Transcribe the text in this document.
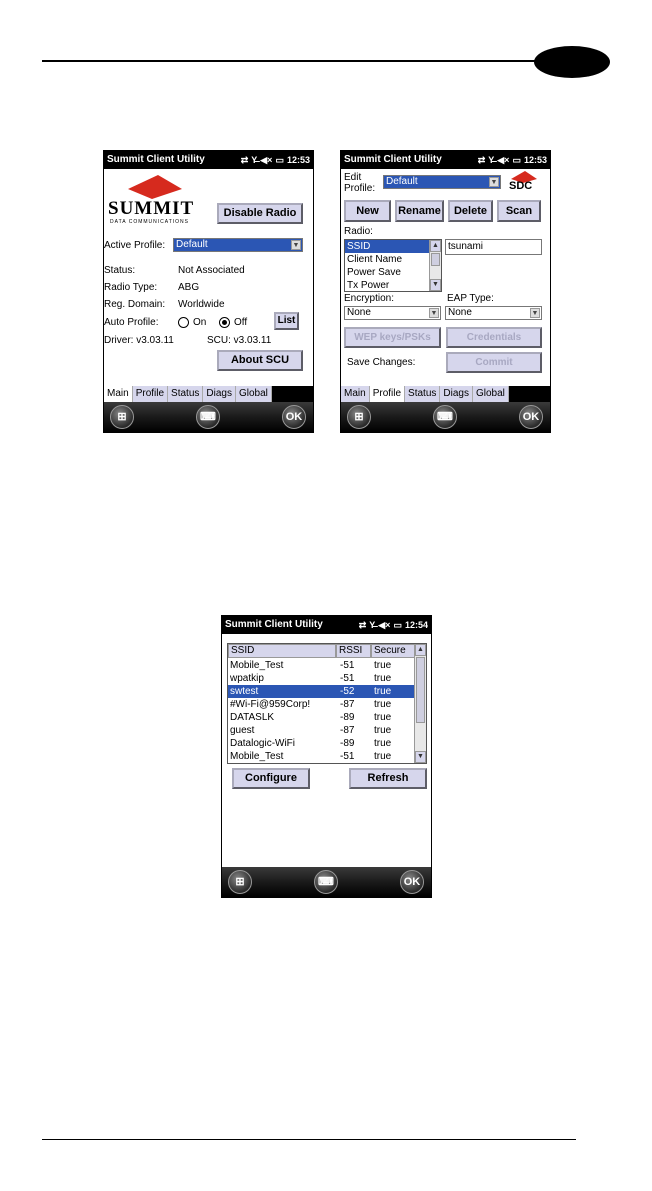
Summit Client Utility	⇄ Y̶ ◀× ▭ 12:53
SUMMIT
DATA COMMUNICATIONS
Disable Radio
Active Profile:	Default	▼
Status:	Not Associated
Radio Type: ABG
Reg. Domain: Worldwide
Auto Profile:	On	Off	List
Driver: v3.03.11	SCU: v3.03.11
About SCU
Main Profile Status Diags Global
⊞	⌨	OK
Summit Client Utility	⇄ Y̶ ◀× ▭ 12:53
Edit
Profile:
Default	▼ SDC
New	Rename	Delete	Scan
Radio:
SSID
Client Name
Power Save
Tx Power
▲
▼
tsunami
Encryption:
None	▼
EAP Type:
None	▼
WEP keys/PSKs	Credentials
Save Changes:	Commit
Main Profile Status Diags Global
⊞	⌨	OK
Summit Client Utility	⇄ Y̶ ◀× ▭ 12:54
SSID	RSSI	Secure
Mobile_Test	-51 true
wpatkip	-51 true
swtest	-52 true
#Wi-Fi@959Corp!	-87 true
DATASLK	-89 true
guest	-87 true
Datalogic-WiFi	-89 true
Mobile_Test	-51 true
▲
▼
Configure	Refresh
⊞	⌨	OK
